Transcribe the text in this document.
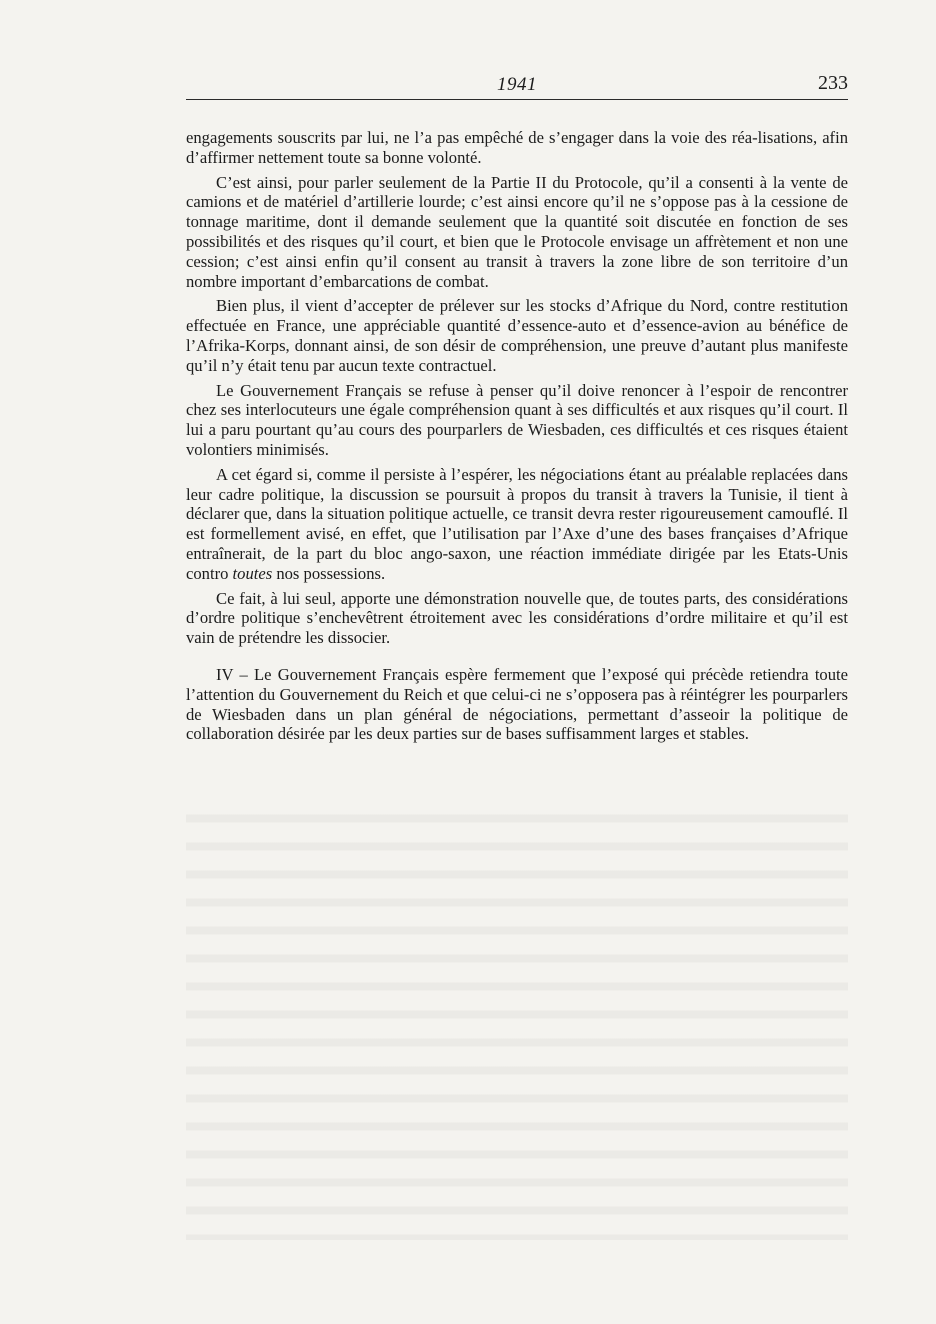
1941	233

engagements souscrits par lui, ne l’a pas empêché de s’engager dans la voie des réa-lisations, afin d’affirmer nettement toute sa bonne volonté.

C’est ainsi, pour parler seulement de la Partie II du Protocole, qu’il a consenti à la vente de camions et de matériel d’artillerie lourde; c’est ainsi encore qu’il ne s’oppose pas à la cessione de tonnage maritime, dont il demande seulement que la quantité soit discutée en fonction de ses possibilités et des risques qu’il court, et bien que le Protocole envisage un affrètement et non une cession; c’est ainsi enfin qu’il consent au transit à travers la zone libre de son territoire d’un nombre important d’embarcations de combat.

Bien plus, il vient d’accepter de prélever sur les stocks d’Afrique du Nord, contre restitution effectuée en France, une appréciable quantité d’essence-auto et d’essence-avion au bénéfice de l’Afrika-Korps, donnant ainsi, de son désir de compréhension, une preuve d’autant plus manifeste qu’il n’y était tenu par aucun texte contractuel.

Le Gouvernement Français se refuse à penser qu’il doive renoncer à l’espoir de rencontrer chez ses interlocuteurs une égale compréhension quant à ses difficultés et aux risques qu’il court. Il lui a paru pourtant qu’au cours des pourparlers de Wiesbaden, ces difficultés et ces risques étaient volontiers minimisés.

A cet égard si, comme il persiste à l’espérer, les négociations étant au préalable replacées dans leur cadre politique, la discussion se poursuit à propos du transit à travers la Tunisie, il tient à déclarer que, dans la situation politique actuelle, ce transit devra rester rigoureusement camouflé. Il est formellement avisé, en effet, que l’utilisation par l’Axe d’une des bases françaises d’Afrique entraînerait, de la part du bloc ango-saxon, une réaction immédiate dirigée par les Etats-Unis contro toutes nos possessions.

Ce fait, à lui seul, apporte une démonstration nouvelle que, de toutes parts, des considérations d’ordre politique s’enchevêtrent étroitement avec les considérations d’ordre militaire et qu’il est vain de prétendre les dissocier.

IV – Le Gouvernement Français espère fermement que l’exposé qui précède retiendra toute l’attention du Gouvernement du Reich et que celui-ci ne s’opposera pas à réintégrer les pourparlers de Wiesbaden dans un plan général de négociations, permettant d’asseoir la politique de collaboration désirée par les deux parties sur de bases suffisamment larges et stables.
